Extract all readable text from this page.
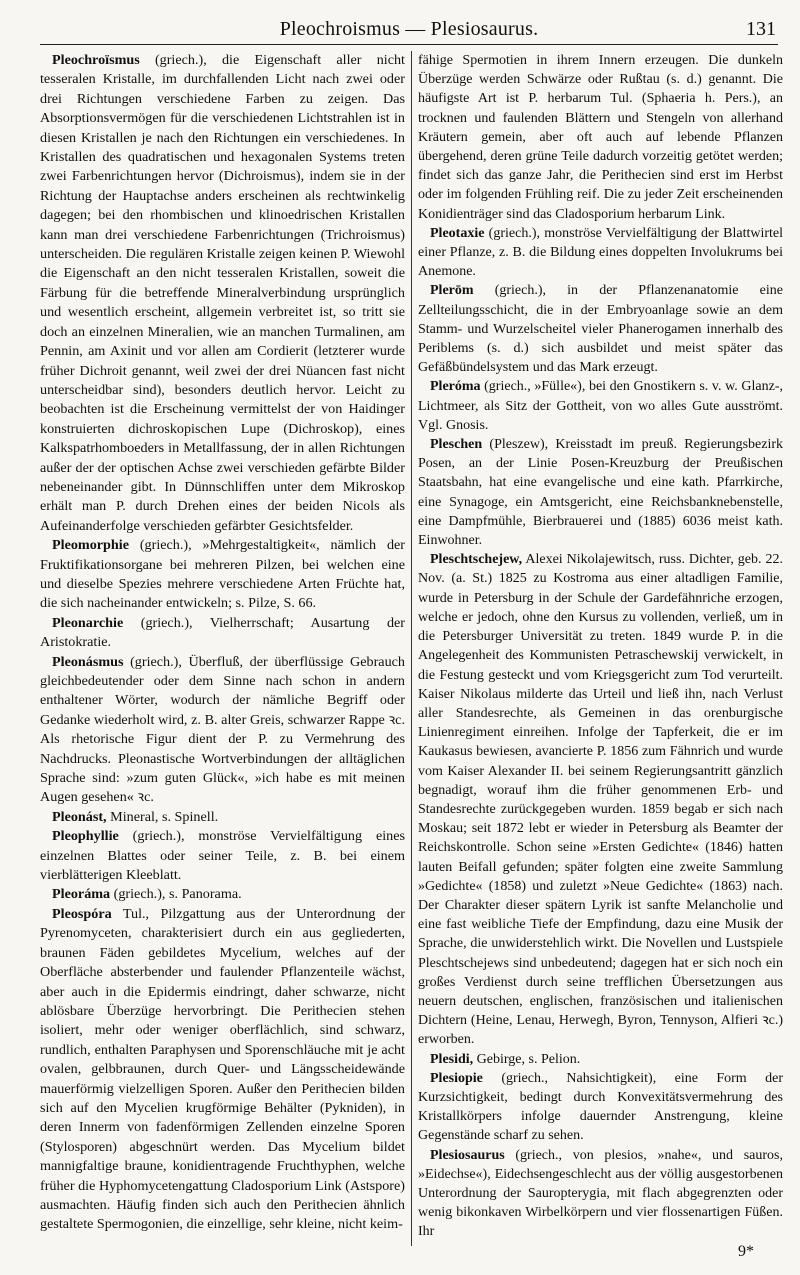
Pleochroismus — Plesiosaurus.	131

Pleochroïsmus (griech.), die Eigenschaft aller nicht tesseralen Kristalle, im durchfallenden Licht nach zwei oder drei Richtungen verschiedene Farben zu zeigen. Das Absorptionsvermögen für die verschiedenen Lichtstrahlen ist in diesen Kristallen je nach den Richtungen ein verschiedenes. In Kristallen des quadratischen und hexagonalen Systems treten zwei Farbenrichtungen hervor (Dichroismus), indem sie in der Richtung der Hauptachse anders erscheinen als rechtwinkelig dagegen; bei den rhombischen und klinoedrischen Kristallen kann man drei verschiedene Farbenrichtungen (Trichroismus) unterscheiden. Die regulären Kristalle zeigen keinen P. Wiewohl die Eigenschaft an den nicht tesseralen Kristallen, soweit die Färbung für die betreffende Mineralverbindung ursprünglich und wesentlich erscheint, allgemein verbreitet ist, so tritt sie doch an einzelnen Mineralien, wie an manchen Turmalinen, am Pennin, am Axinit und vor allen am Cordierit (letzterer wurde früher Dichroit genannt, weil zwei der drei Nüancen fast nicht unterscheidbar sind), besonders deutlich hervor. Leicht zu beobachten ist die Erscheinung vermittelst der von Haidinger konstruierten dichroskopischen Lupe (Dichroskop), eines Kalkspatrhomboeders in Metallfassung, der in allen Richtungen außer der der optischen Achse zwei verschieden gefärbte Bilder nebeneinander gibt. In Dünnschliffen unter dem Mikroskop erhält man P. durch Drehen eines der beiden Nicols als Aufeinanderfolge verschieden gefärbter Gesichtsfelder.

Pleomorphie (griech.), »Mehrgestaltigkeit«, nämlich der Fruktifikationsorgane bei mehreren Pilzen, bei welchen eine und dieselbe Spezies mehrere verschiedene Arten Früchte hat, die sich nacheinander entwickeln; s. Pilze, S. 66.

Pleonarchie (griech.), Vielherrschaft; Ausartung der Aristokratie.

Pleonásmus (griech.), Überfluß, der überflüssige Gebrauch gleichbedeutender oder dem Sinne nach schon in andern enthaltener Wörter, wodurch der nämliche Begriff oder Gedanke wiederholt wird, z. B. alter Greis, schwarzer Rappe ꝛc. Als rhetorische Figur dient der P. zu Vermehrung des Nachdrucks. Pleonastische Wortverbindungen der alltäglichen Sprache sind: »zum guten Glück«, »ich habe es mit meinen Augen gesehen« ꝛc.

Pleonást, Mineral, s. Spinell.

Pleophyllie (griech.), monströse Vervielfältigung eines einzelnen Blattes oder seiner Teile, z. B. bei einem vierblätterigen Kleeblatt.

Pleoráma (griech.), s. Panorama.

Pleospóra Tul., Pilzgattung aus der Unterordnung der Pyrenomyceten, charakterisiert durch ein aus gegliederten, braunen Fäden gebildetes Mycelium, welches auf der Oberfläche absterbender und faulender Pflanzenteile wächst, aber auch in die Epidermis eindringt, daher schwarze, nicht ablösbare Überzüge hervorbringt. Die Perithecien stehen isoliert, mehr oder weniger oberflächlich, sind schwarz, rundlich, enthalten Paraphysen und Sporenschläuche mit je acht ovalen, gelbbraunen, durch Quer- und Längsscheidewände mauerförmig vielzelligen Sporen. Außer den Perithecien bilden sich auf den Mycelien krugförmige Behälter (Pykniden), in deren Innerm von fadenförmigen Zellenden einzelne Sporen (Stylosporen) abgeschnürt werden. Das Mycelium bildet mannigfaltige braune, konidientragende Fruchthyphen, welche früher die Hyphomycetengattung Cladosporium Link (Astspore) ausmachten. Häufig finden sich auch den Perithecien ähnlich gestaltete Spermogonien, die einzellige, sehr kleine, nicht keim-

fähige Spermotien in ihrem Innern erzeugen. Die dunkeln Überzüge werden Schwärze oder Rußtau (s. d.) genannt. Die häufigste Art ist P. herbarum Tul. (Sphaeria h. Pers.), an trocknen und faulenden Blättern und Stengeln von allerhand Kräutern gemein, aber oft auch auf lebende Pflanzen übergehend, deren grüne Teile dadurch vorzeitig getötet werden; findet sich das ganze Jahr, die Perithecien sind erst im Herbst oder im folgenden Frühling reif. Die zu jeder Zeit erscheinenden Konidienträger sind das Cladosporium herbarum Link.

Pleotaxie (griech.), monströse Vervielfältigung der Blattwirtel einer Pflanze, z. B. die Bildung eines doppelten Involukrums bei Anemone.

Plerōm (griech.), in der Pflanzenanatomie eine Zellteilungsschicht, die in der Embryoanlage sowie an dem Stamm- und Wurzelscheitel vieler Phanerogamen innerhalb des Periblems (s. d.) sich ausbildet und meist später das Gefäßbündelsystem und das Mark erzeugt.

Pleróma (griech., »Fülle«), bei den Gnostikern s. v. w. Glanz-, Lichtmeer, als Sitz der Gottheit, von wo alles Gute ausströmt. Vgl. Gnosis.

Pleschen (Pleszew), Kreisstadt im preuß. Regierungsbezirk Posen, an der Linie Posen-Kreuzburg der Preußischen Staatsbahn, hat eine evangelische und eine kath. Pfarrkirche, eine Synagoge, ein Amtsgericht, eine Reichsbanknebenstelle, eine Dampfmühle, Bierbrauerei und (1885) 6036 meist kath. Einwohner.

Pleschtschejew, Alexei Nikolajewitsch, russ. Dichter, geb. 22. Nov. (a. St.) 1825 zu Kostroma aus einer altadligen Familie, wurde in Petersburg in der Schule der Gardefähnriche erzogen, welche er jedoch, ohne den Kursus zu vollenden, verließ, um in die Petersburger Universität zu treten. 1849 wurde P. in die Angelegenheit des Kommunisten Petraschewskij verwickelt, in die Festung gesteckt und vom Kriegsgericht zum Tod verurteilt. Kaiser Nikolaus milderte das Urteil und ließ ihn, nach Verlust aller Standesrechte, als Gemeinen in das orenburgische Linienregiment einreihen. Infolge der Tapferkeit, die er im Kaukasus bewiesen, avancierte P. 1856 zum Fähnrich und wurde vom Kaiser Alexander II. bei seinem Regierungsantritt gänzlich begnadigt, worauf ihm die früher genommenen Erb- und Standesrechte zurückgegeben wurden. 1859 begab er sich nach Moskau; seit 1872 lebt er wieder in Petersburg als Beamter der Reichskontrolle. Schon seine »Ersten Gedichte« (1846) hatten lauten Beifall gefunden; später folgten eine zweite Sammlung »Gedichte« (1858) und zuletzt »Neue Gedichte« (1863) nach. Der Charakter dieser spätern Lyrik ist sanfte Melancholie und eine fast weibliche Tiefe der Empfindung, dazu eine Musik der Sprache, die unwiderstehlich wirkt. Die Novellen und Lustspiele Pleschtschejews sind unbedeutend; dagegen hat er sich noch ein großes Verdienst durch seine trefflichen Übersetzungen aus neuern deutschen, englischen, französischen und italienischen Dichtern (Heine, Lenau, Herwegh, Byron, Tennyson, Alfieri ꝛc.) erworben.

Plesidi, Gebirge, s. Pelion.

Plesiopie (griech., Nahsichtigkeit), eine Form der Kurzsichtigkeit, bedingt durch Konvexitätsvermehrung des Kristallkörpers infolge dauernder Anstrengung, kleine Gegenstände scharf zu sehen.

Plesiosaurus (griech., von plesios, »nahe«, und sauros, »Eidechse«), Eidechsengeschlecht aus der völlig ausgestorbenen Unterordnung der Sauropterygia, mit flach abgegrenzten oder wenig bikonkaven Wirbelkörpern und vier flossenartigen Füßen. Ihr

9*
